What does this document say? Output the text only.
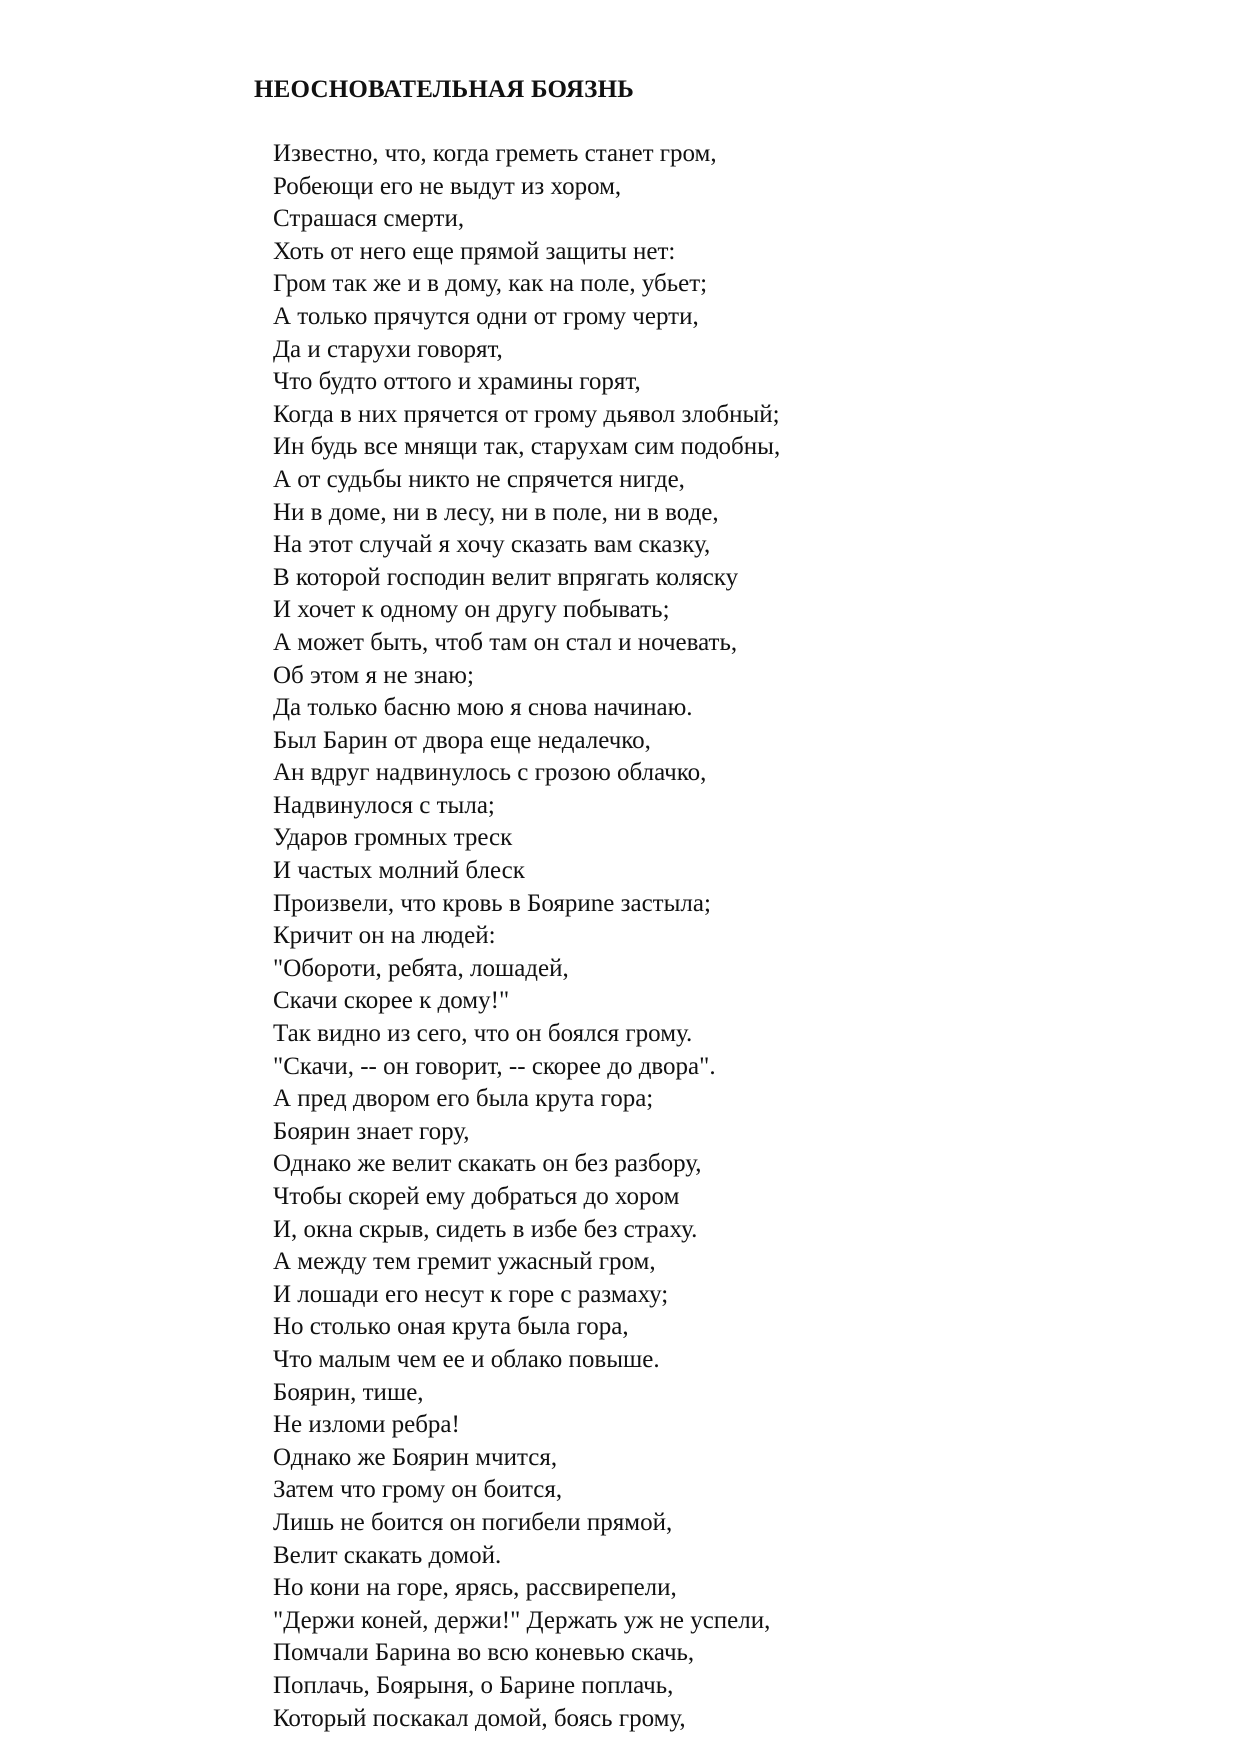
НЕОСНОВАТЕЛЬНАЯ БОЯЗНЬ
Известно, что, когда греметь станет гром,
Робеющи его не выдут из хором,
Страшася смерти,
Хоть от него еще прямой защиты нет:
Гром так же и в дому, как на поле, убьет;
А только прячутся одни от грому черти,
Да и старухи говорят,
Что будто оттого и храмины горят,
Когда в них прячется от грому дьявол злобный;
Ин будь все мнящи так, старухам сим подобны,
А от судьбы никто не спрячется нигде,
Ни в доме, ни в лесу, ни в поле, ни в воде,
На этот случай я хочу сказать вам сказку,
В которой господин велит впрягать коляску
И хочет к одному он другу побывать;
А может быть, чтоб там он стал и ночевать,
Об этом я не знаю;
Да только басню мою я снова начинаю.
Был Барин от двора еще недалечко,
Ан вдруг надвинулось с грозою облачко,
Надвинулося с тыла;
Ударов громных треск
И частых молний блеск
Произвели, что кровь в Бояриne застыла;
Кричит он на людей:
"Обороти, ребята, лошадей,
Скачи скорее к дому!"
Так видно из сего, что он боялся грому.
"Скачи, -- он говорит, -- скорее до двора".
А пред двором его была крута гора;
Боярин знает гору,
Однако же велит скакать он без разбору,
Чтобы скорей ему добраться до хором
И, окна скрыв, сидеть в избе без страху.
А между тем гремит ужасный гром,
И лошади его несут к горе с размаху;
Но столько оная крута была гора,
Что малым чем ее и облако повыше.
Боярин, тише,
Не изломи ребра!
Однако же Боярин мчится,
Затем что грому он боится,
Лишь не боится он погибели прямой,
Велит скакать домой.
Но кони на горе, ярясь, рассвирепели,
"Держи коней, держи!" Держать уж не успели,
Помчали Барина во всю коневью скачь,
Поплачь, Боярыня, о Барине поплачь,
Который поскакал домой, боясь грому,
